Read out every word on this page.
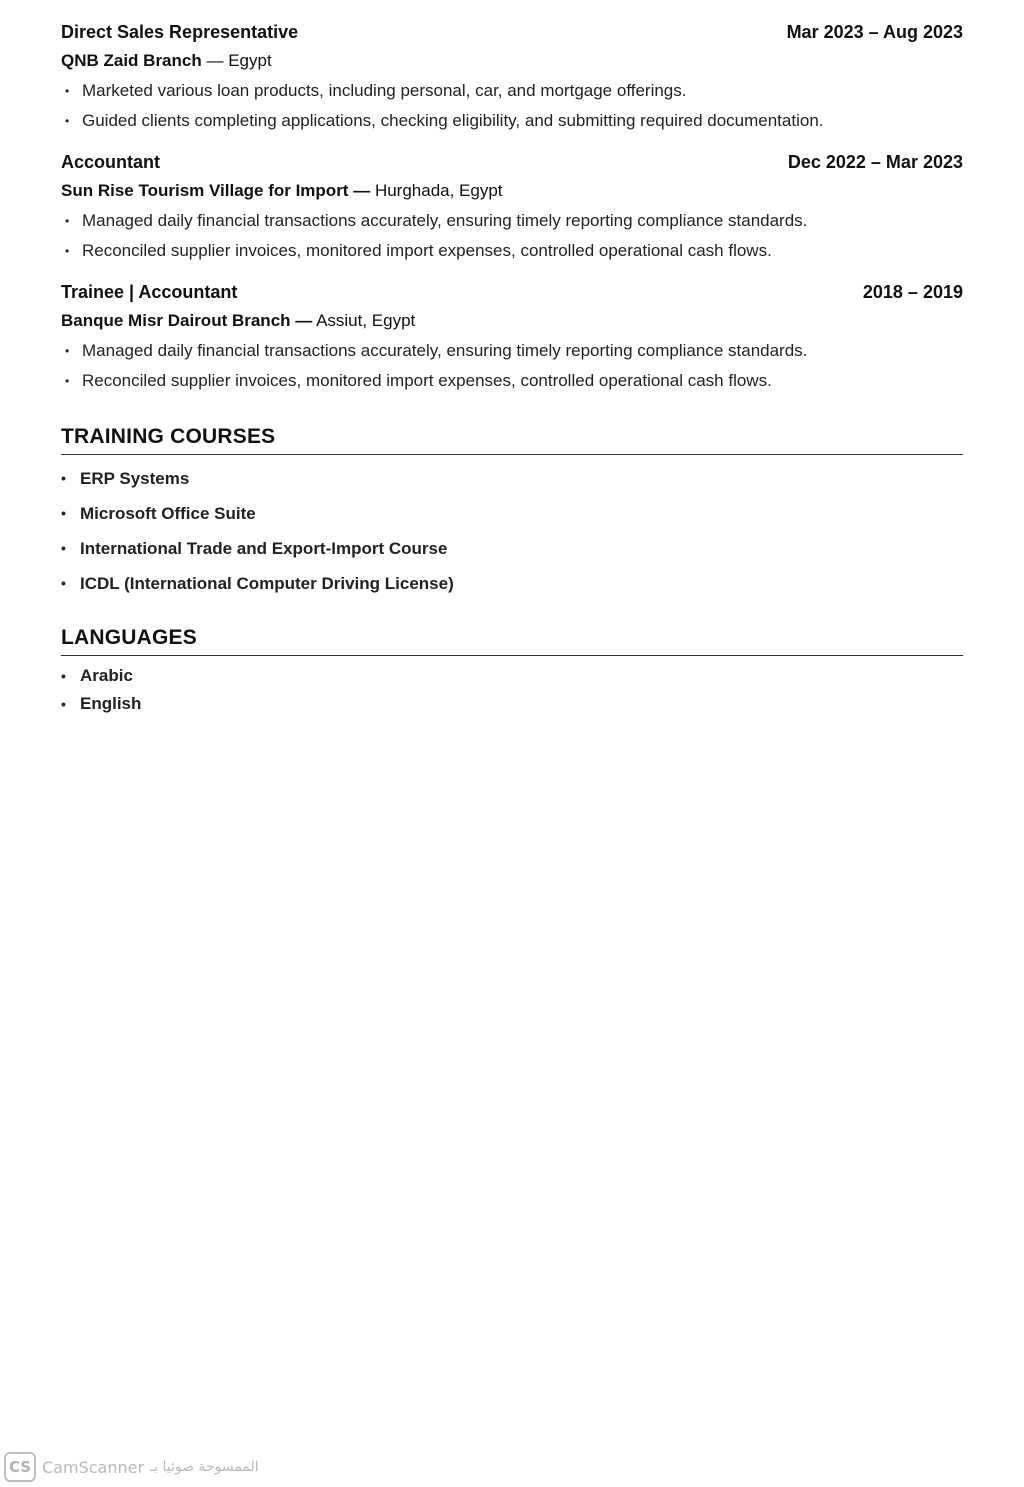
Direct Sales Representative	Mar 2023 – Aug 2023
QNB Zaid Branch — Egypt
• Marketed various loan products, including personal, car, and mortgage offerings.
• Guided clients completing applications, checking eligibility, and submitting required documentation.
Accountant	Dec 2022 – Mar 2023
Sun Rise Tourism Village for Import — Hurghada, Egypt
• Managed daily financial transactions accurately, ensuring timely reporting compliance standards.
• Reconciled supplier invoices, monitored import expenses, controlled operational cash flows.
Trainee | Accountant	2018 – 2019
Banque Misr Dairout Branch — Assiut, Egypt
• Managed daily financial transactions accurately, ensuring timely reporting compliance standards.
• Reconciled supplier invoices, monitored import expenses, controlled operational cash flows.
TRAINING COURSES
• ERP Systems
• Microsoft Office Suite
• International Trade and Export-Import Course
• ICDL (International Computer Driving License)
LANGUAGES
• Arabic
• English
CS CamScanner الممسوحة ضوئيا بـ
